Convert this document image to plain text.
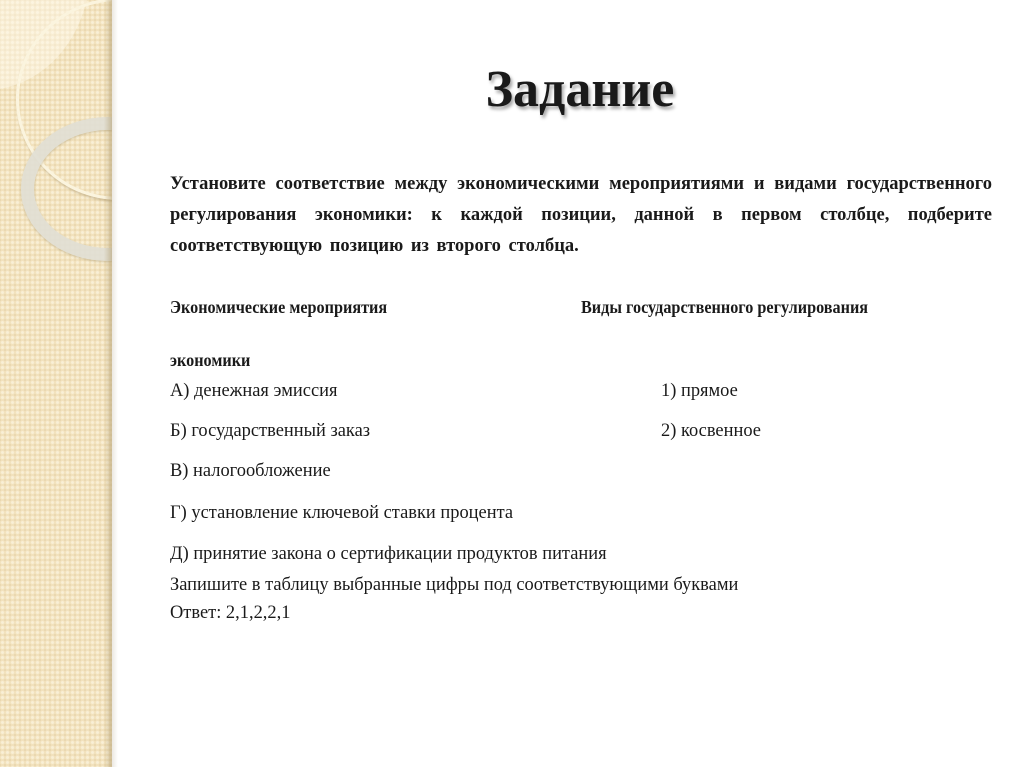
Задание

Установите соответствие между экономическими мероприятиями и видами государственного регулирования экономики: к каждой позиции, данной в первом столбце, подберите соответствующую позицию из второго столбца.

Экономические мероприятия	Виды государственного регулирования
экономики
А) денежная эмиссия
Б) государственный заказ
В) налогообложение
Г) установление ключевой ставки процента
Д) принятие закона о сертификации продуктов питания
1) прямое
2) косвенное
Запишите в таблицу выбранные цифры под соответствующими буквами
Ответ: 2,1,2,2,1
